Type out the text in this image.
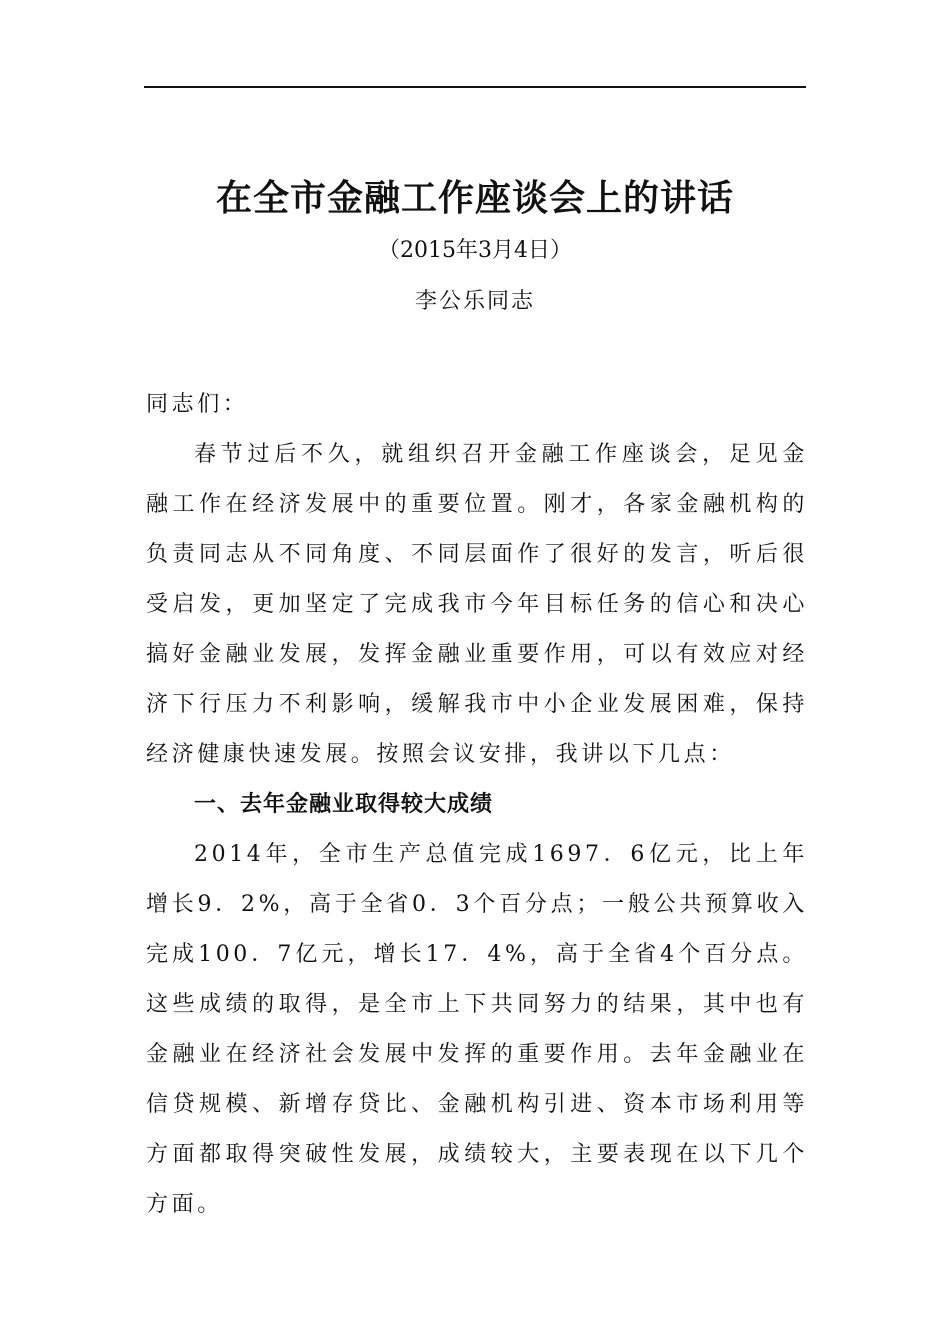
在全市金融工作座谈会上的讲话
（2015年3月4日）
李公乐同志

同志们：

春节过后不久，就组织召开金融工作座谈会，足见金融工作在经济发展中的重要位置。刚才，各家金融机构的负责同志从不同角度、不同层面作了很好的发言，听后很受启发，更加坚定了完成我市今年目标任务的信心和决心搞好金融业发展，发挥金融业重要作用，可以有效应对经济下行压力不利影响，缓解我市中小企业发展困难，保持经济健康快速发展。按照会议安排，我讲以下几点：

一、去年金融业取得较大成绩

2014年，全市生产总值完成1697．6亿元，比上年增长9．2%，高于全省0．3个百分点；一般公共预算收入完成100．7亿元，增长17．4%，高于全省4个百分点。这些成绩的取得，是全市上下共同努力的结果，其中也有金融业在经济社会发展中发挥的重要作用。去年金融业在信贷规模、新增存贷比、金融机构引进、资本市场利用等方面都取得突破性发展，成绩较大，主要表现在以下几个方面。
